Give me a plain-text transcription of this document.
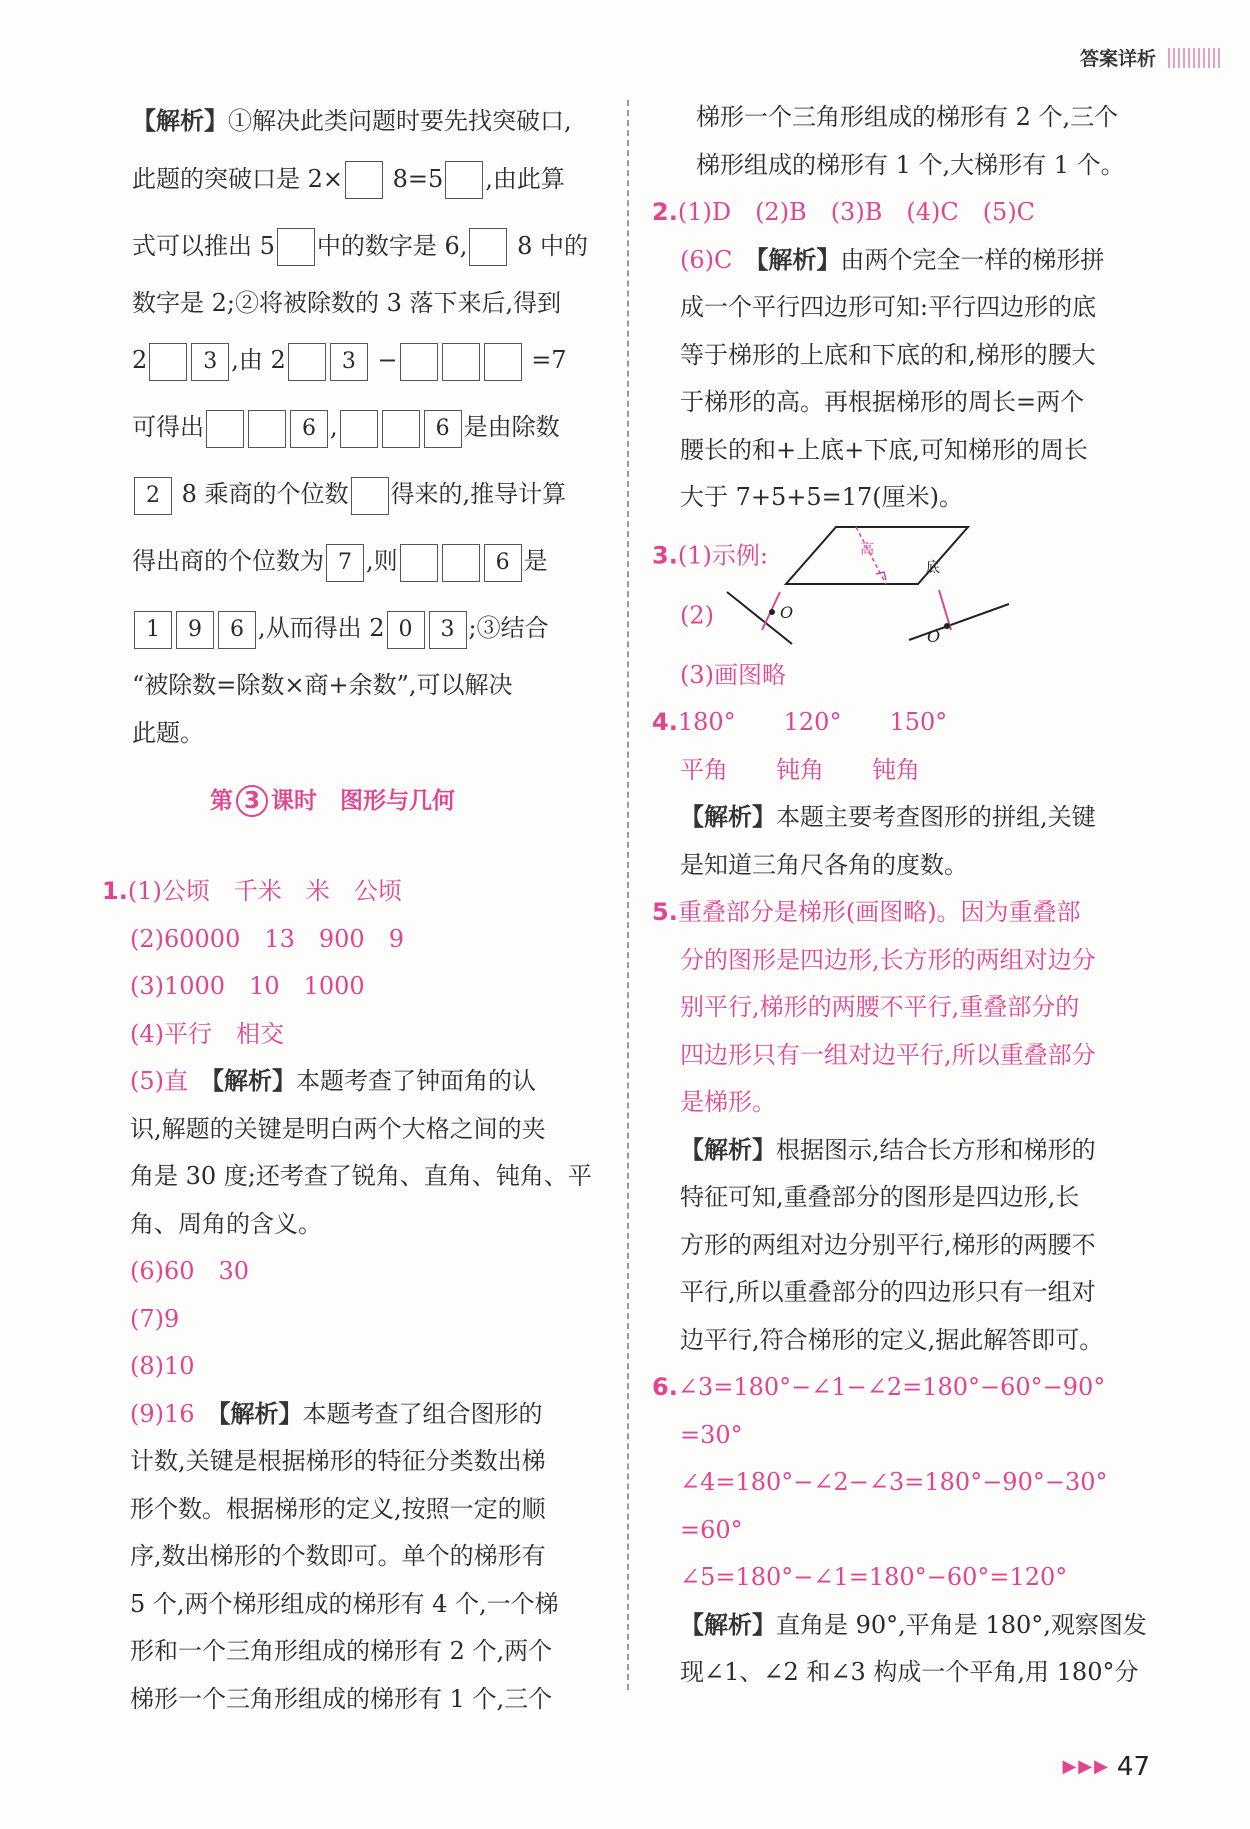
答案详析

【解析】①解决此类问题时要先找突破口,

此题的突破口是 2× 8=5 ,由此算

式可以推出 5 中的数字是 6, 8 中的

数字是 2;②将被除数的 3 落下来后,得到

2	3 ,由 2	3 −	=7

可得出	6 ,	6 是由除数

2 8 乘商的个位数 得来的,推导计算

得出商的个位数为 7 ,则	6 是

1 9 6 ,从而得出 2 0 3 ;③结合

“被除数=除数×商+余数”,可以解决

此题。

第 3 课时　图形与几何

1.(1)公顷　千米　米　公顷

(2)60000　13　900　9

(3)1000　10　1000

(4)平行　相交

(5)直　【解析】本题考查了钟面角的认

识,解题的关键是明白两个大格之间的夹

角是 30 度;还考查了锐角、直角、钝角、平

角、周角的含义。

(6)60　30

(7)9

(8)10

(9)16　【解析】本题考查了组合图形的

计数,关键是根据梯形的特征分类数出梯

形个数。根据梯形的定义,按照一定的顺

序,数出梯形的个数即可。单个的梯形有

5 个,两个梯形组成的梯形有 4 个,一个梯

形和一个三角形组成的梯形有 2 个,两个

梯形一个三角形组成的梯形有 1 个,三个

梯形一个三角形组成的梯形有 2 个,三个

梯形组成的梯形有 1 个,大梯形有 1 个。

2.(1)D　(2)B　(3)B　(4)C　(5)C

(6)C　【解析】由两个完全一样的梯形拼

成一个平行四边形可知:平行四边形的底

等于梯形的上底和下底的和,梯形的腰大

于梯形的高。再根据梯形的周长=两个

腰长的和+上底+下底,可知梯形的周长

大于 7+5+5=17(厘米)。

3.(1)示例:	高
底

(2)	O

O

(3)画图略

4.180°　　120°　　150°

平角　　钝角　　钝角

【解析】本题主要考查图形的拼组,关键

是知道三角尺各角的度数。

5.重叠部分是梯形(画图略)。因为重叠部

分的图形是四边形,长方形的两组对边分

别平行,梯形的两腰不平行,重叠部分的

四边形只有一组对边平行,所以重叠部分

是梯形。

【解析】根据图示,结合长方形和梯形的

特征可知,重叠部分的图形是四边形,长

方形的两组对边分别平行,梯形的两腰不

平行,所以重叠部分的四边形只有一组对

边平行,符合梯形的定义,据此解答即可。

6.∠3=180°−∠1−∠2=180°−60°−90°

=30°

∠4=180°−∠2−∠3=180°−90°−30°

=60°

∠5=180°−∠1=180°−60°=120°

【解析】直角是 90°,平角是 180°,观察图发

现∠1、∠2 和∠3 构成一个平角,用 180°分

▶▶▶ 47
